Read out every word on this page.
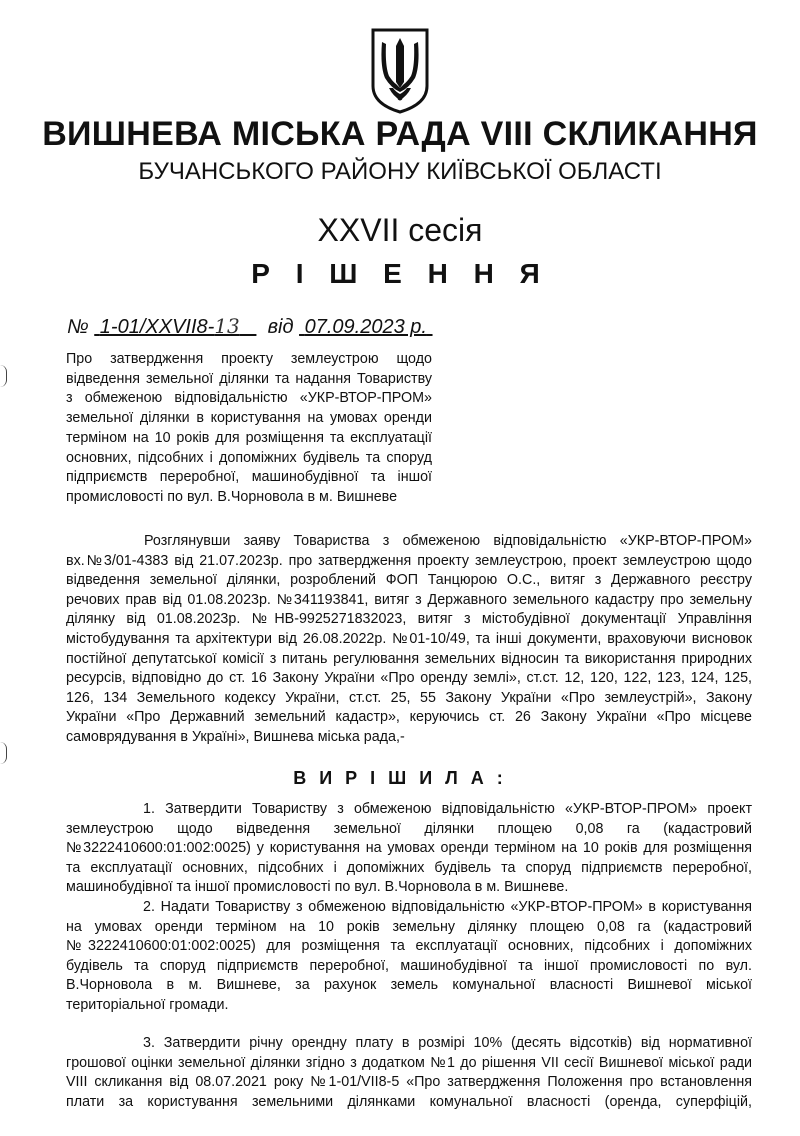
ВИШНЕВА МІСЬКА РАДА VIII СКЛИКАННЯ
БУЧАНСЬКОГО РАЙОНУ КИЇВСЬКОЇ ОБЛАСТІ
XXVII сесія
Р І Ш Е Н Н Я
№ 1-01/XXVII8-13 від 07.09.2023 р.
Про затвердження проекту землеустрою щодо
відведення земельної ділянки та надання Товариству
з обмеженою відповідальністю «УКР-ВТОР-ПРОМ»
земельної ділянки в користування на умовах оренди
терміном на 10 років для розміщення та експлуатації
основних, підсобних і допоміжних будівель та споруд
підприємств переробної, машинобудівної та іншої
промисловості по вул. В.Чорновола в м. Вишневе
Розглянувши заяву Товариства з обмеженою відповідальністю «УКР-ВТОР-ПРОМ»
вх.№3/01-4383 від 21.07.2023р. про затвердження проекту землеустрою, проект землеустрою щодо
відведення земельної ділянки, розроблений ФОП Танцюрою О.С., витяг з Державного реєстру
речових прав від 01.08.2023р. №341193841, витяг з Державного земельного кадастру про земельну
ділянку від 01.08.2023р. №НВ-9925271832023, витяг з містобудівної документації Управління
містобудування та архітектури від 26.08.2022р. №01-10/49, та інші документи, враховуючи висновок
постійної депутатської комісії з питань регулювання земельних відносин та використання природних
ресурсів, відповідно до ст. 16 Закону України «Про оренду землі», ст.ст. 12, 120, 122, 123, 124, 125,
126, 134 Земельного кодексу України, ст.ст. 25, 55 Закону України «Про землеустрій», Закону
України «Про Державний земельний кадастр», керуючись ст. 26 Закону України «Про місцеве
самоврядування в Україні», Вишнева міська рада,-
В И Р І Ш И Л А :
1. Затвердити Товариству з обмеженою відповідальністю «УКР-ВТОР-ПРОМ» проект
землеустрою щодо відведення земельної ділянки площею 0,08 га (кадастровий
№3222410600:01:002:0025) у користування на умовах оренди терміном на 10 років для розміщення
та експлуатації основних, підсобних і допоміжних будівель та споруд підприємств переробної,
машинобудівної та іншої промисловості по вул. В.Чорновола в м. Вишневе.
2. Надати Товариству з обмеженою відповідальністю «УКР-ВТОР-ПРОМ» в користування
на умовах оренди терміном на 10 років земельну ділянку площею 0,08 га (кадастровий
№3222410600:01:002:0025) для розміщення та експлуатації основних, підсобних і допоміжних
будівель та споруд підприємств переробної, машинобудівної та іншої промисловості по вул.
В.Чорновола в м. Вишневе, за рахунок земель комунальної власності Вишневої міської
територіальної громади.
3. Затвердити річну орендну плату в розмірі 10% (десять відсотків) від нормативної
грошової оцінки земельної ділянки згідно з додатком №1 до рішення VII сесії Вишневої міської ради
VIII скликання від 08.07.2021 року №1-01/VII8-5 «Про затвердження Положення про встановлення
плати за користування земельними ділянками комунальної власності (оренда, суперфіцій,
